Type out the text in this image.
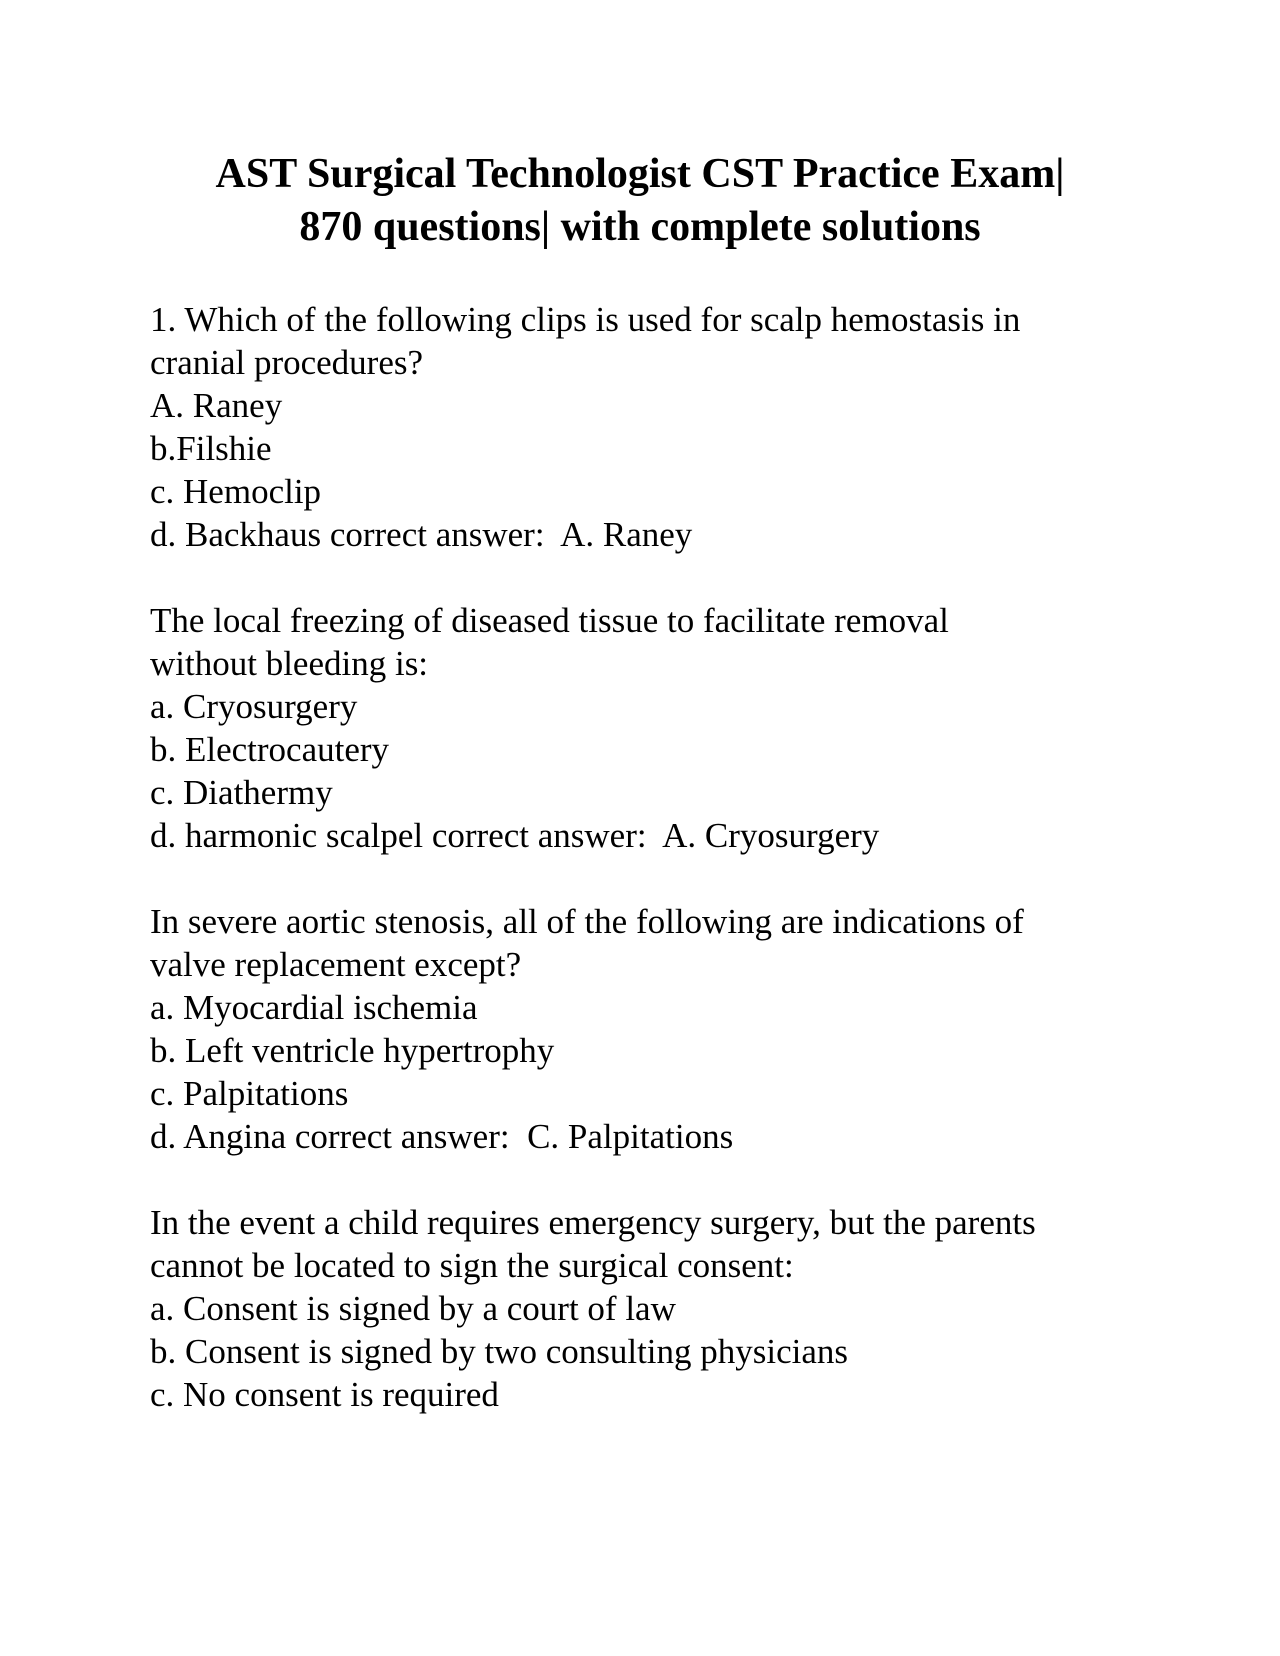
AST Surgical Technologist CST Practice Exam|
870 questions| with complete solutions
1. Which of the following clips is used for scalp hemostasis in
cranial procedures?
A. Raney
b.Filshie
c. Hemoclip
d. Backhaus correct answer:  A. Raney
The local freezing of diseased tissue to facilitate removal
without bleeding is:
a. Cryosurgery
b. Electrocautery
c. Diathermy
d. harmonic scalpel correct answer:  A. Cryosurgery
In severe aortic stenosis, all of the following are indications of
valve replacement except?
a. Myocardial ischemia
b. Left ventricle hypertrophy
c. Palpitations
d. Angina correct answer:  C. Palpitations
In the event a child requires emergency surgery, but the parents
cannot be located to sign the surgical consent:
a. Consent is signed by a court of law
b. Consent is signed by two consulting physicians
c. No consent is required
